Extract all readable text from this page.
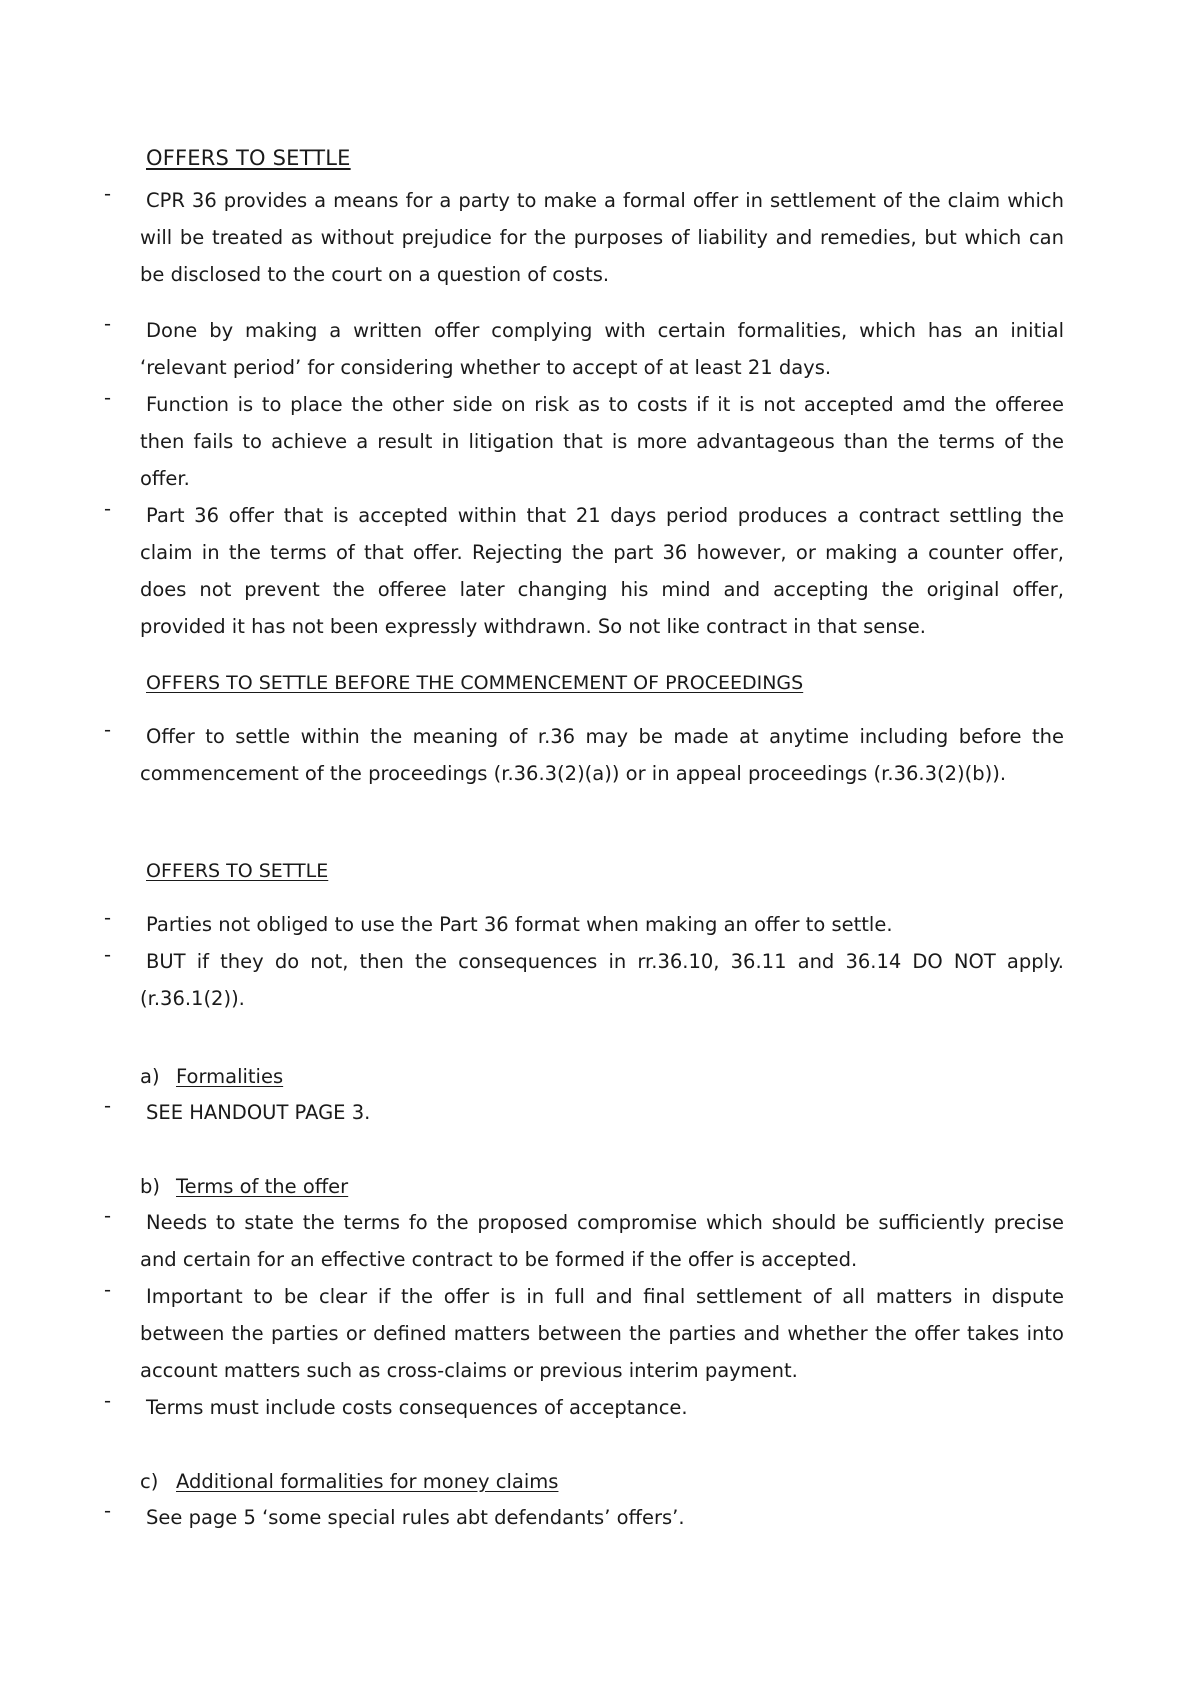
OFFERS TO SETTLE
-	CPR 36 provides a means for a party to make a formal offer in settlement of the claim which will be treated as without prejudice for the purposes of liability and remedies, but which can be disclosed to the court on a question of costs.
-	Done by making a written offer complying with certain formalities, which has an initial ‘relevant period’ for considering whether to accept of at least 21 days.
-	Function is to place the other side on risk as to costs if it is not accepted amd the offeree then fails to achieve a result in litigation that is more advantageous than the terms of the offer.
-	Part 36 offer that is accepted within that 21 days period produces a contract settling the claim in the terms of that offer. Rejecting the part 36 however, or making a counter offer, does not prevent the offeree later changing his mind and accepting the original offer, provided it has not been expressly withdrawn. So not like contract in that sense.
OFFERS TO SETTLE BEFORE THE COMMENCEMENT OF PROCEEDINGS
-	Offer to settle within the meaning of r.36 may be made at anytime including before the commencement of the proceedings (r.36.3(2)(a)) or in appeal proceedings (r.36.3(2)(b)).
OFFERS TO SETTLE
-	Parties not obliged to use the Part 36 format when making an offer to settle.
-	BUT if they do not, then the consequences in rr.36.10, 36.11 and 36.14 DO NOT apply. (r.36.1(2)).
a) Formalities
-	SEE HANDOUT PAGE 3.
b) Terms of the offer
-	Needs to state the terms fo the proposed compromise which should be sufficiently precise and certain for an effective contract to be formed if the offer is accepted.
-	Important to be clear if the offer is in full and final settlement of all matters in dispute between the parties or defined matters between the parties and whether the offer takes into account matters such as cross-claims or previous interim payment.
-	Terms must include costs consequences of acceptance.
c) Additional formalities for money claims
-	See page 5 ‘some special rules abt defendants’ offers’.
